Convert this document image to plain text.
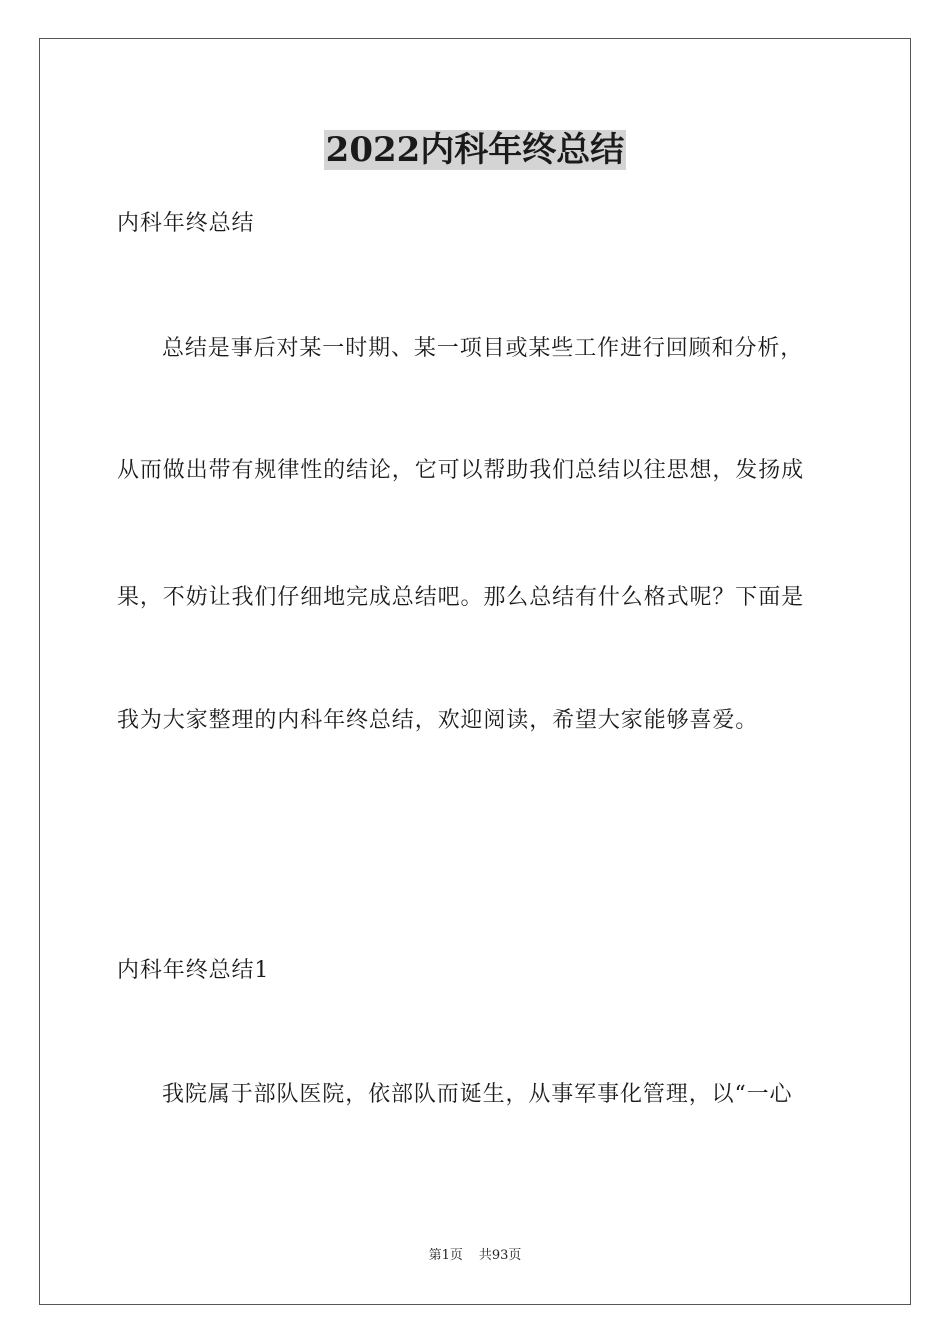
2022内科年终总结
内科年终总结
总结是事后对某一时期、某一项目或某些工作进行回顾和分析，
从而做出带有规律性的结论，它可以帮助我们总结以往思想，发扬成
果，不妨让我们仔细地完成总结吧。那么总结有什么格式呢？下面是
我为大家整理的内科年终总结，欢迎阅读，希望大家能够喜爱。
内科年终总结1
我院属于部队医院，依部队而诞生，从事军事化管理，以“一心
第1页 共93页
